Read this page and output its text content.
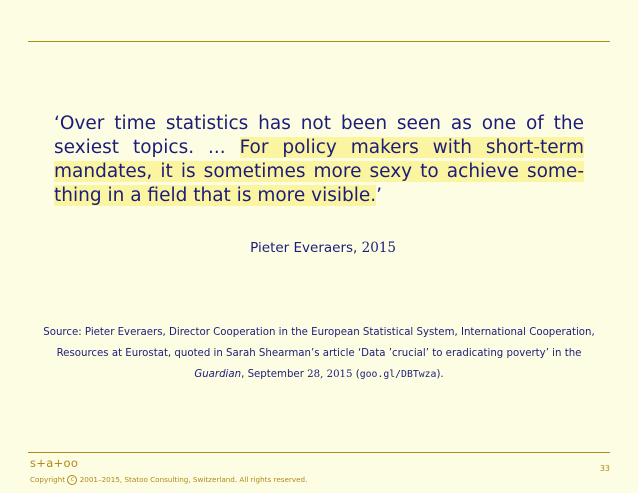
‘Over time statistics has not been seen as one of the
sexiest topics. ... For policy makers with short-term
mandates, it is sometimes more sexy to achieve some-
thing in a field that is more visible.’

Pieter Everaers, 2015

Source: Pieter Everaers, Director Cooperation in the European Statistical System, International Cooperation,
Resources at Eurostat, quoted in Sarah Shearman’s article ‘Data ’crucial’ to eradicating poverty’ in the
Guardian, September 28, 2015 (goo.gl/DBTwza).

s+a+oo
Copyright c 2001–2015, Statoo Consulting, Switzerland. All rights reserved.
33
